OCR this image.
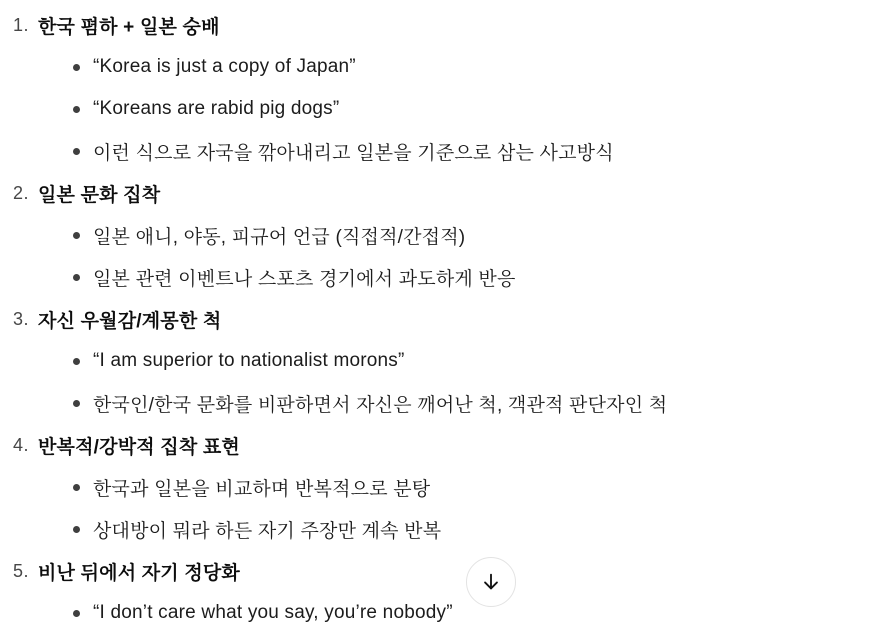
1. 한국 폄하 + 일본 숭배
“Korea is just a copy of Japan”
“Koreans are rabid pig dogs”
이런 식으로 자국을 깎아내리고 일본을 기준으로 삼는 사고방식
2. 일본 문화 집착
일본 애니, 야동, 피규어 언급 (직접적/간접적)
일본 관련 이벤트나 스포츠 경기에서 과도하게 반응
3. 자신 우월감/계몽한 척
“I am superior to nationalist morons”
한국인/한국 문화를 비판하면서 자신은 깨어난 척, 객관적 판단자인 척
4. 반복적/강박적 집착 표현
한국과 일본을 비교하며 반복적으로 분탕
상대방이 뭐라 하든 자기 주장만 계속 반복
5. 비난 뒤에서 자기 정당화
“I don’t care what you say, you’re nobody”
